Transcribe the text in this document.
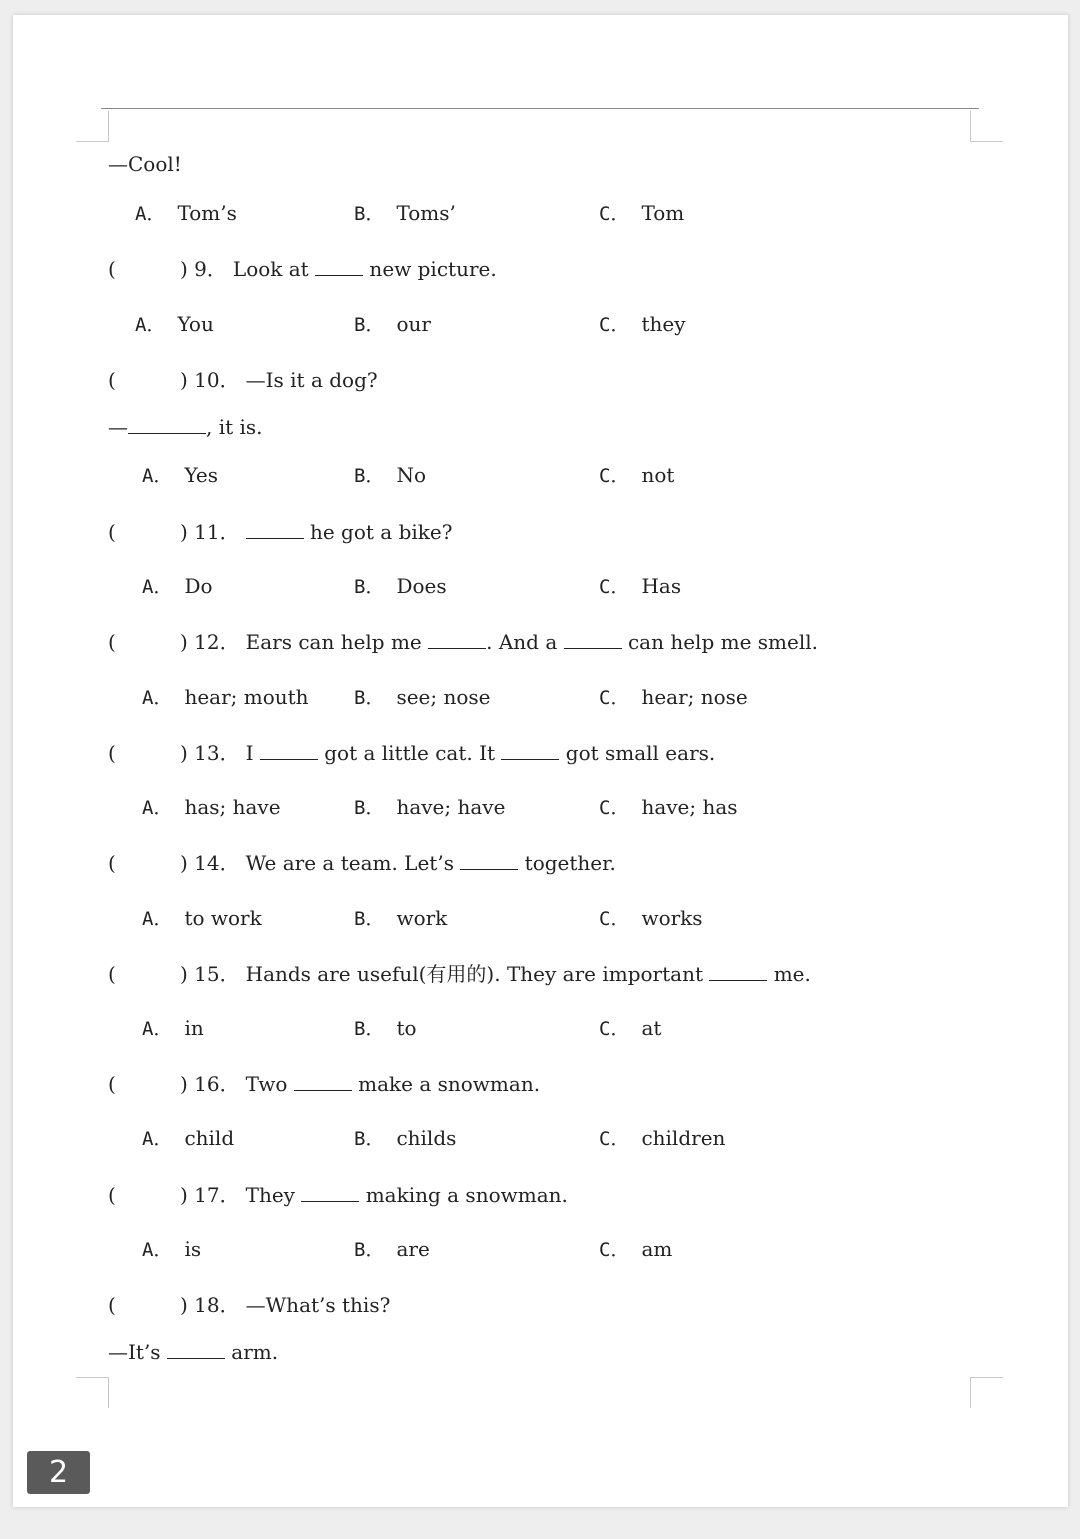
—Cool!
A． Tom’s	B． Toms’	C． Tom
(	) 9． Look at  new picture.
A． You	B． our	C． they
(	) 10． —Is it a dog?
—	, it is.
A． Yes	B． No	C． not
(	) 11．	he got a bike?
A． Do	B． Does	C． Has
(	) 12． Ears can help me	. And a	can help me smell.
A． hear; mouth B． see; nose	C． hear; nose
(	) 13． I	got a little cat. It	got small ears.
A． has; have	B． have; have	C． have; has
(	) 14． We are a team. Let’s	together.
A． to work	B． work	C． works
(	) 15． Hands are useful(有用的). They are important	me.
A． in	B． to	C． at
(	) 16． Two	make a snowman.
A． child	B． childs	C． children
(	) 17． They	making a snowman.
A． is	B． are	C． am
(	) 18． —What’s this?
—It’s	arm.
2
